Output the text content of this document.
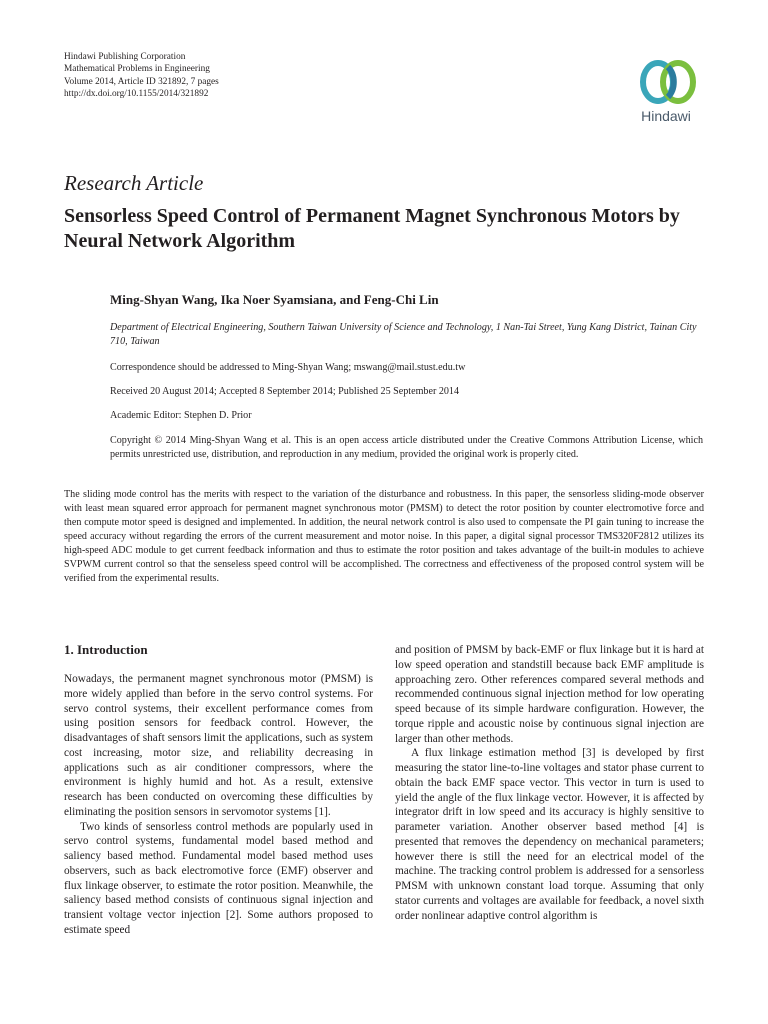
Hindawi Publishing Corporation
Mathematical Problems in Engineering
Volume 2014, Article ID 321892, 7 pages
http://dx.doi.org/10.1155/2014/321892
Hindawi
Research Article
Sensorless Speed Control of Permanent Magnet Synchronous Motors by Neural Network Algorithm
Ming-Shyan Wang, Ika Noer Syamsiana, and Feng-Chi Lin
Department of Electrical Engineering, Southern Taiwan University of Science and Technology, 1 Nan-Tai Street, Yung Kang District, Tainan City 710, Taiwan
Correspondence should be addressed to Ming-Shyan Wang; mswang@mail.stust.edu.tw
Received 20 August 2014; Accepted 8 September 2014; Published 25 September 2014
Academic Editor: Stephen D. Prior
Copyright © 2014 Ming-Shyan Wang et al. This is an open access article distributed under the Creative Commons Attribution License, which permits unrestricted use, distribution, and reproduction in any medium, provided the original work is properly cited.
The sliding mode control has the merits with respect to the variation of the disturbance and robustness. In this paper, the sensorless sliding-mode observer with least mean squared error approach for permanent magnet synchronous motor (PMSM) to detect the rotor position by counter electromotive force and then compute motor speed is designed and implemented. In addition, the neural network control is also used to compensate the PI gain tuning to increase the speed accuracy without regarding the errors of the current measurement and motor noise. In this paper, a digital signal processor TMS320F2812 utilizes its high-speed ADC module to get current feedback information and thus to estimate the rotor position and takes advantage of the built-in modules to achieve SVPWM current control so that the senseless speed control will be accomplished. The correctness and effectiveness of the proposed control system will be verified from the experimental results.
1. Introduction

Nowadays, the permanent magnet synchronous motor (PMSM) is more widely applied than before in the servo control systems. For servo control systems, their excellent performance comes from using position sensors for feedback control. However, the disadvantages of shaft sensors limit the applications, such as system cost increasing, motor size, and reliability decreasing in applications such as air conditioner compressors, where the environment is highly humid and hot. As a result, extensive research has been conducted on overcoming these difficulties by eliminating the position sensors in servomotor systems [1].

Two kinds of sensorless control methods are popularly used in servo control systems, fundamental model based method and saliency based method. Fundamental model based method uses observers, such as back electromotive force (EMF) observer and flux linkage observer, to estimate the rotor position. Meanwhile, the saliency based method consists of continuous signal injection and transient voltage vector injection [2]. Some authors proposed to estimate speed

and position of PMSM by back-EMF or flux linkage but it is hard at low speed operation and standstill because back EMF amplitude is approaching zero. Other references compared several methods and recommended continuous signal injection method for low operating speed because of its simple hardware configuration. However, the torque ripple and acoustic noise by continuous signal injection are larger than other methods.

A flux linkage estimation method [3] is developed by first measuring the stator line-to-line voltages and stator phase current to obtain the back EMF space vector. This vector in turn is used to yield the angle of the flux linkage vector. However, it is affected by integrator drift in low speed and its accuracy is highly sensitive to parameter variation. Another observer based method [4] is presented that removes the dependency on mechanical parameters; however there is still the need for an electrical model of the machine. The tracking control problem is addressed for a sensorless PMSM with unknown constant load torque. Assuming that only stator currents and voltages are available for feedback, a novel sixth order nonlinear adaptive control algorithm is
